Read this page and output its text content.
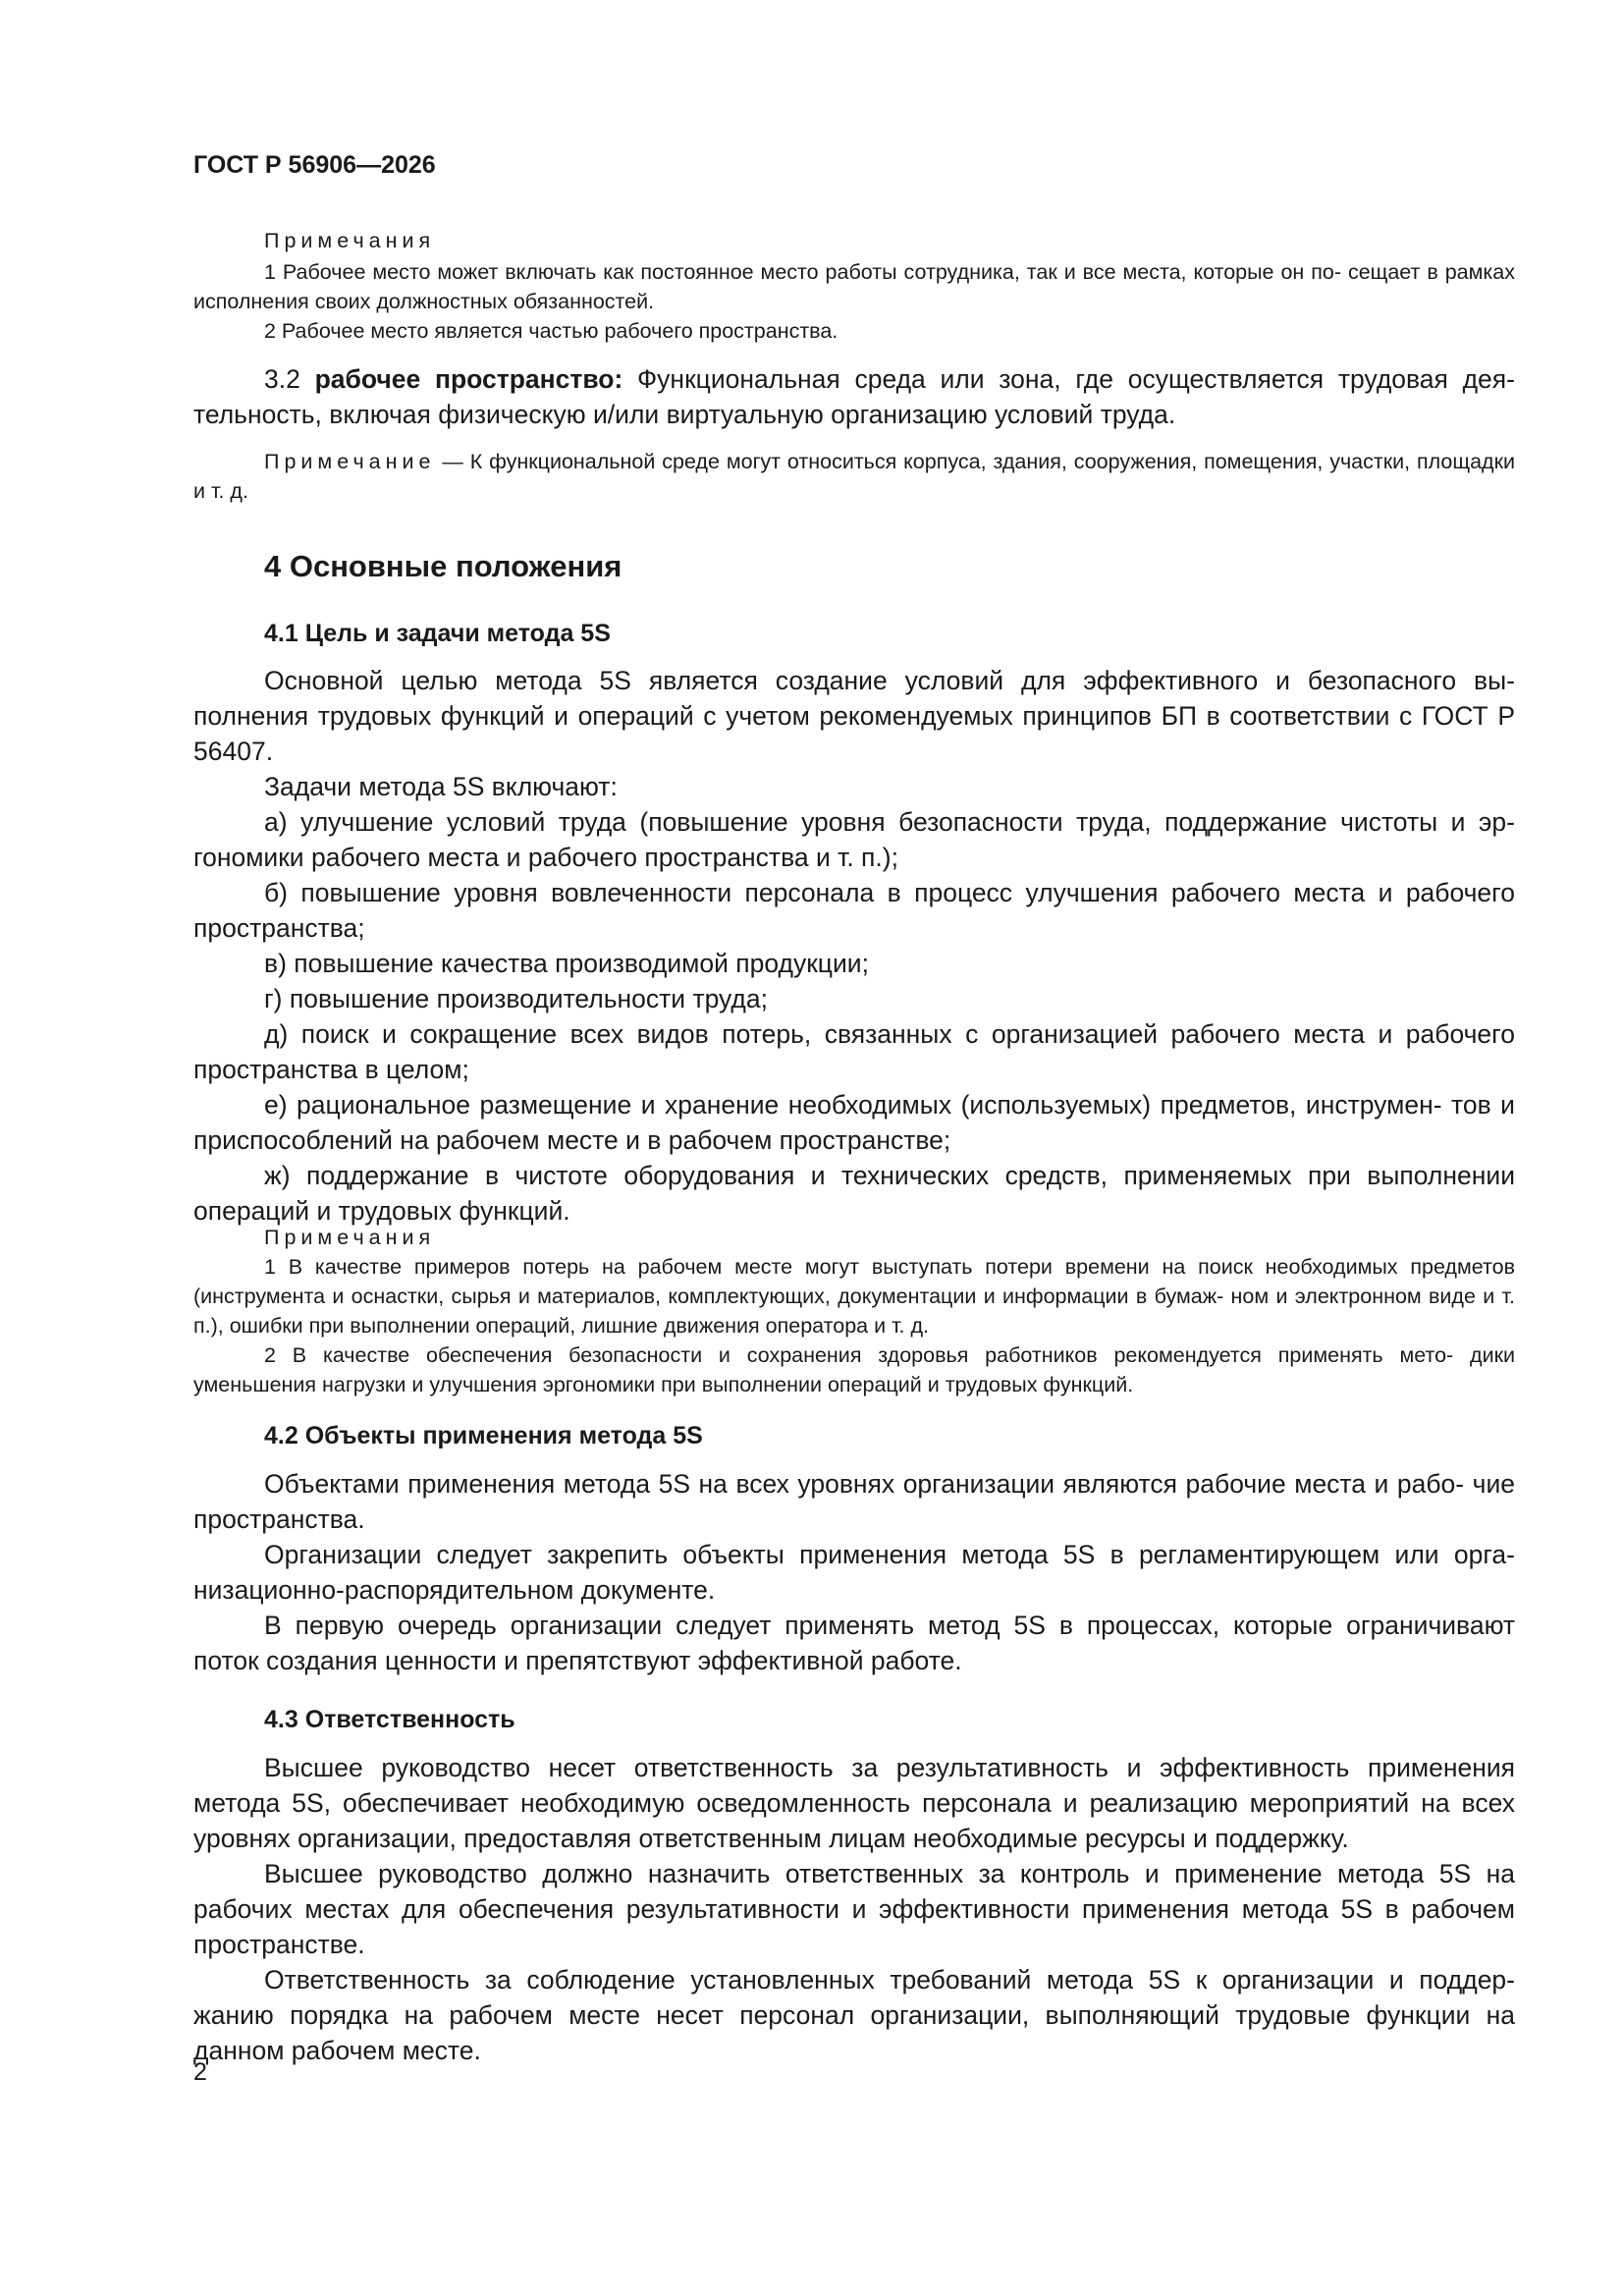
ГОСТ Р 56906—2026
Примечания

1 Рабочее место может включать как постоянное место работы сотрудника, так и все места, которые он по- сещает в рамках исполнения своих должностных обязанностей.

2 Рабочее место является частью рабочего пространства.

3.2 рабочее пространство: Функциональная среда или зона, где осуществляется трудовая дея- тельность, включая физическую и/или виртуальную организацию условий труда.

Примечание — К функциональной среде могут относиться корпуса, здания, сооружения, помещения, участки, площадки и т. д.

4 Основные положения
4.1 Цель и задачи метода 5S

Основной целью метода 5S является создание условий для эффективного и безопасного вы- полнения трудовых функций и операций с учетом рекомендуемых принципов БП в соответствии с ГОСТ Р 56407.

Задачи метода 5S включают:

а) улучшение условий труда (повышение уровня безопасности труда, поддержание чистоты и эр- гономики рабочего места и рабочего пространства и т. п.);

б) повышение уровня вовлеченности персонала в процесс улучшения рабочего места и рабочего пространства;

в) повышение качества производимой продукции;

г) повышение производительности труда;

д) поиск и сокращение всех видов потерь, связанных с организацией рабочего места и рабочего пространства в целом;

е) рациональное размещение и хранение необходимых (используемых) предметов, инструмен- тов и приспособлений на рабочем месте и в рабочем пространстве;

ж) поддержание в чистоте оборудования и технических средств, применяемых при выполнении операций и трудовых функций.

Примечания

1 В качестве примеров потерь на рабочем месте могут выступать потери времени на поиск необходимых предметов (инструмента и оснастки, сырья и материалов, комплектующих, документации и информации в бумаж- ном и электронном виде и т. п.), ошибки при выполнении операций, лишние движения оператора и т. д.

2 В качестве обеспечения безопасности и сохранения здоровья работников рекомендуется применять мето- дики уменьшения нагрузки и улучшения эргономики при выполнении операций и трудовых функций.

4.2 Объекты применения метода 5S

Объектами применения метода 5S на всех уровнях организации являются рабочие места и рабо- чие пространства.

Организации следует закрепить объекты применения метода 5S в регламентирующем или орга- низационно-распорядительном документе.

В первую очередь организации следует применять метод 5S в процессах, которые ограничивают поток создания ценности и препятствуют эффективной работе.

4.3 Ответственность

Высшее руководство несет ответственность за результативность и эффективность применения метода 5S, обеспечивает необходимую осведомленность персонала и реализацию мероприятий на всех уровнях организации, предоставляя ответственным лицам необходимые ресурсы и поддержку.

Высшее руководство должно назначить ответственных за контроль и применение метода 5S на рабочих местах для обеспечения результативности и эффективности применения метода 5S в рабочем пространстве.

Ответственность за соблюдение установленных требований метода 5S к организации и поддер- жанию порядка на рабочем месте несет персонал организации, выполняющий трудовые функции на данном рабочем месте.

2
